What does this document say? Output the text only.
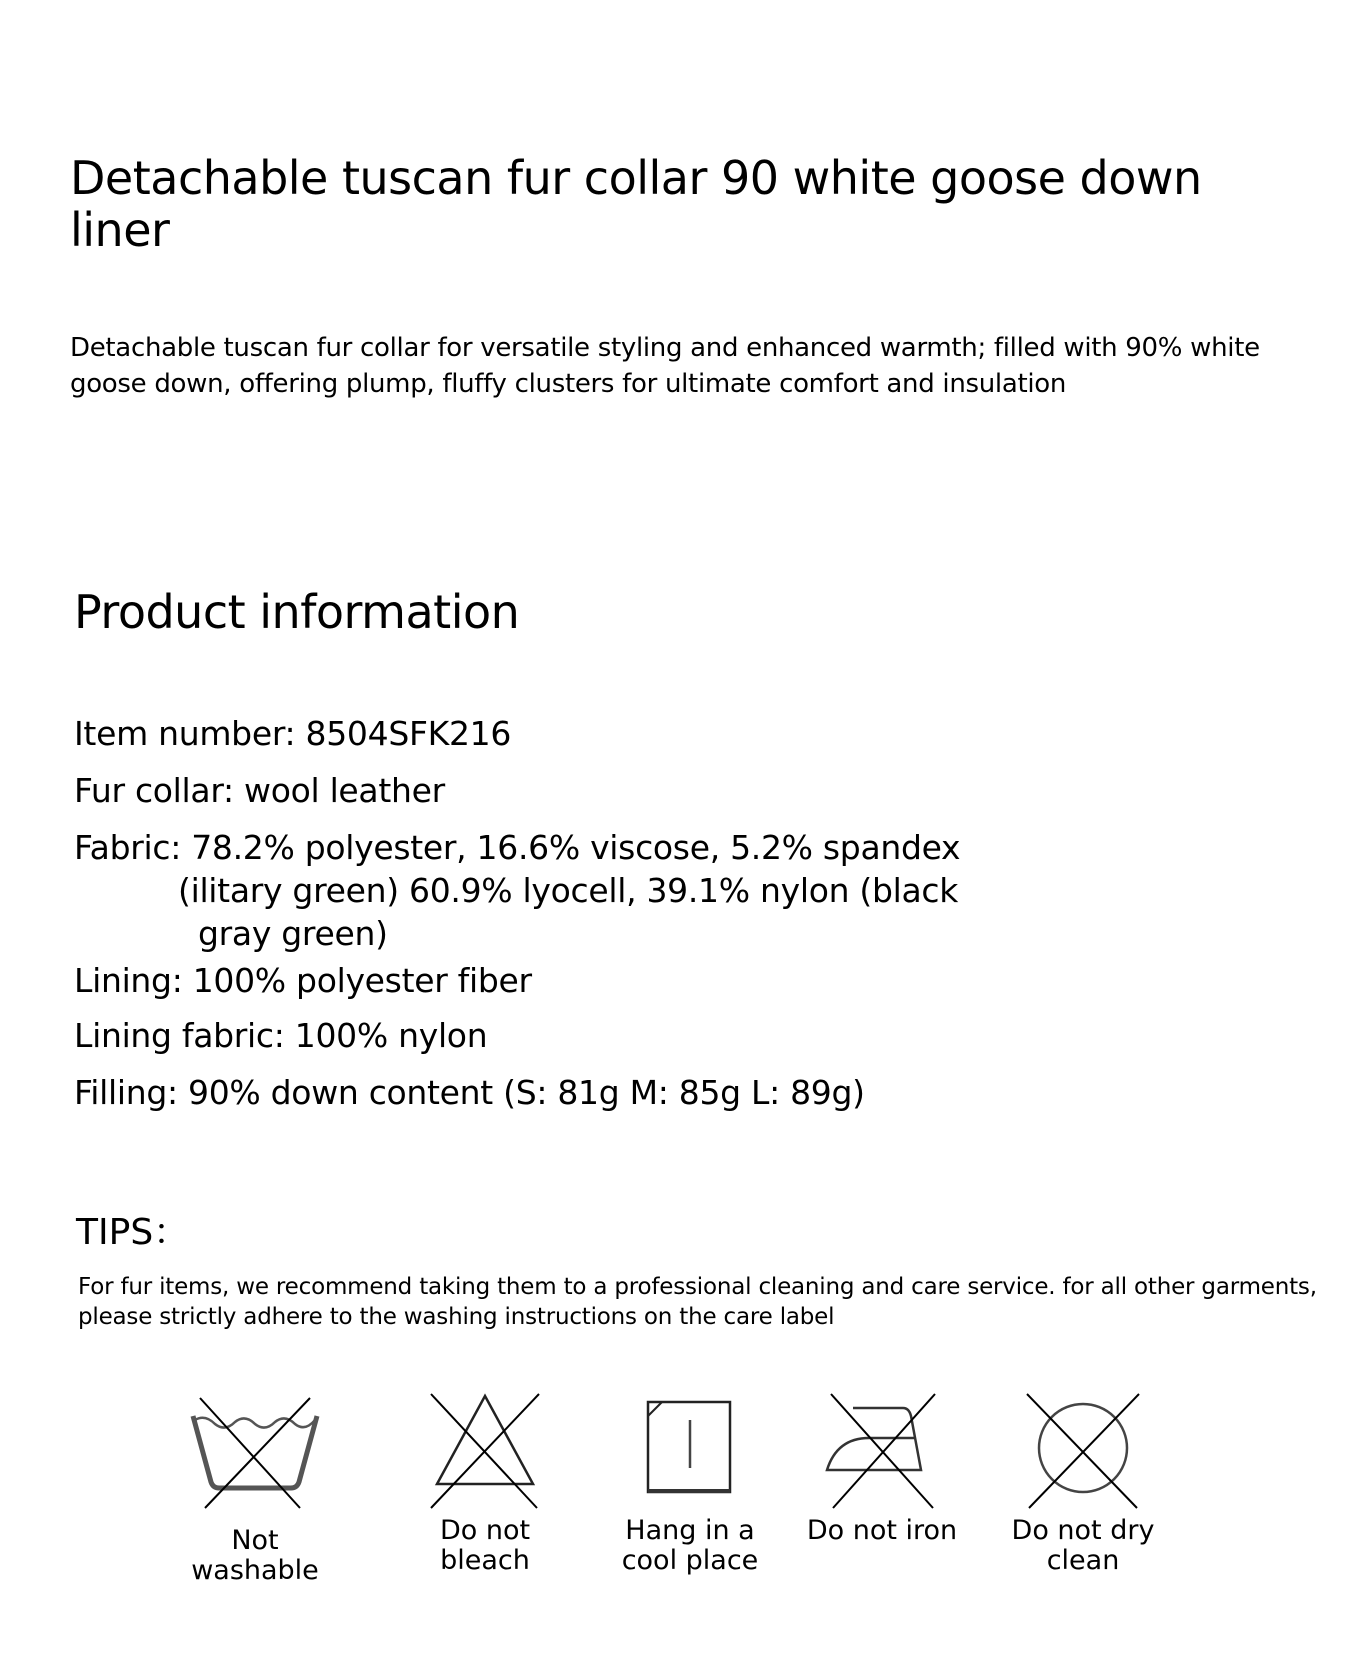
Detachable tuscan fur collar 90 white goose down liner
Detachable tuscan fur collar for versatile styling and enhanced warmth; filled with 90% white goose down, offering plump, fluffy clusters for ultimate comfort and insulation
Product information
Item number: 8504SFK216
Fur collar: wool leather
Fabric: 78.2% polyester, 16.6% viscose, 5.2% spandex
(ilitary green) 60.9% lyocell, 39.1% nylon (black
gray green)
Lining: 100% polyester fiber
Lining fabric: 100% nylon
Filling: 90% down content (S: 81g M: 85g L: 89g)
TIPS：
For fur items, we recommend taking them to a professional cleaning and care service. for all other garments, please strictly adhere to the washing instructions on the care label
Not washable
Do not bleach
Hang in a cool place
Do not iron	Do not dry clean
